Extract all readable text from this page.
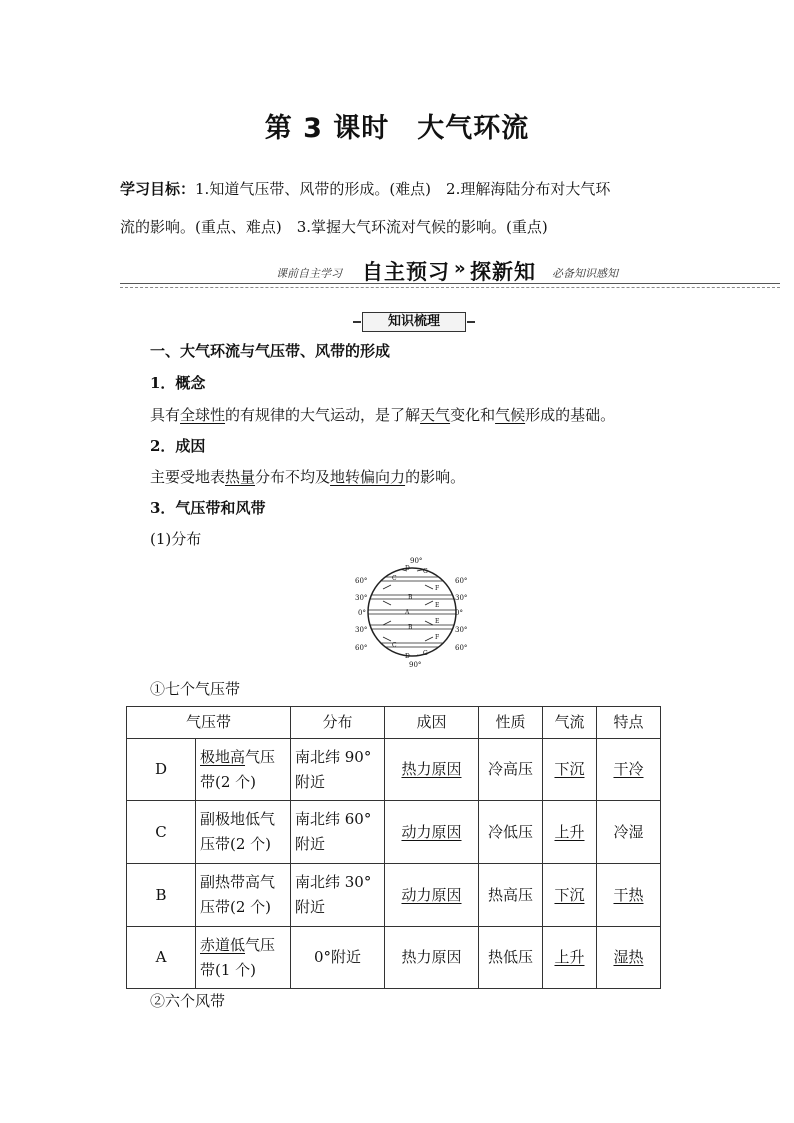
第 3 课时　大气环流
学习目标：1.知道气压带、风带的形成。(难点)　2.理解海陆分布对大气环
流的影响。(重点、难点)　3.掌握大气环流对气候的影响。(重点)
课前自主学习 自主预习 » 探新知 必备知识感知
知识梳理
一、大气环流与气压带、风带的形成
1．概念
具有全球性的有规律的大气运动，是了解天气变化和气候形成的基础。
2．成因
主要受地表热量分布不均及地转偏向力的影响。
3．气压带和风带
(1)分布
90°
90°
60°
30°
0°
30°
60°
60°
30°
0°
30°
60°
D
C
B
A
B
C
D
G
F
E
E
F
G
①七个气压带
气压带		分布	成因	性质	气流	特点
D	极地高气压带(2 个)	南北纬 90°附近	热力原因	冷高压	下沉	干冷
C	副极地低气压带(2 个)	南北纬 60°附近	动力原因	冷低压	上升	冷湿
B	副热带高气压带(2 个)	南北纬 30°附近	动力原因	热高压	下沉	干热
A	赤道低气压带(1 个)	0°附近	热力原因	热低压	上升	湿热
②六个风带
